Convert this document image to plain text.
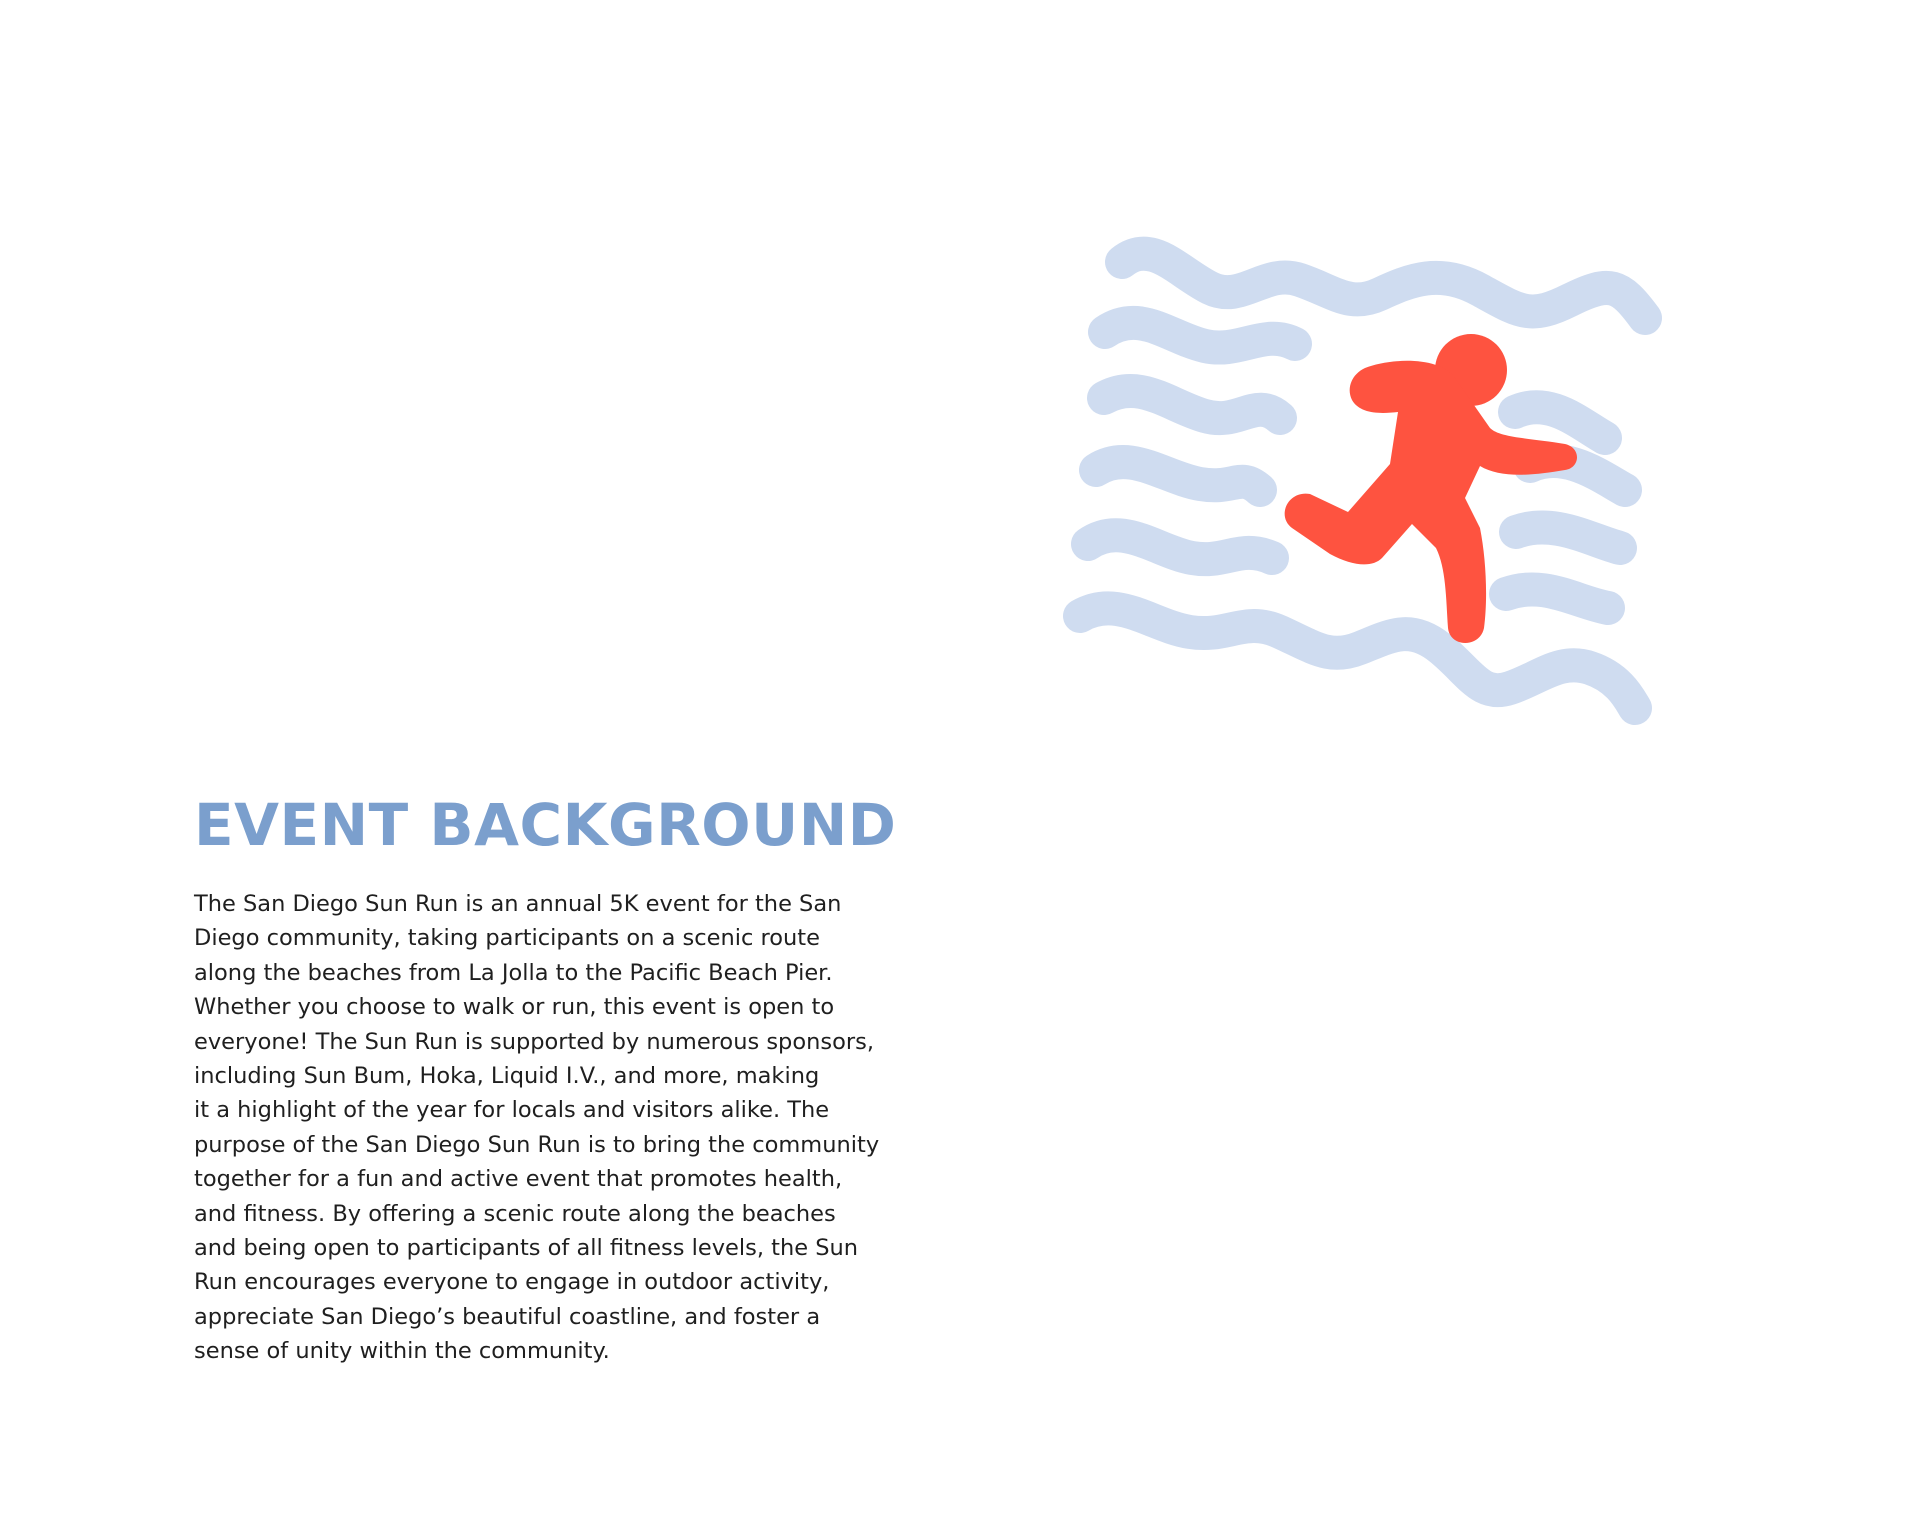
EVENT BACKGROUND
The San Diego Sun Run is an annual 5K event for the San
Diego community, taking participants on a scenic route
along the beaches from La Jolla to the Pacific Beach Pier.
Whether you choose to walk or run, this event is open to
everyone! The Sun Run is supported by numerous sponsors,
including Sun Bum, Hoka, Liquid I.V., and more, making
it a highlight of the year for locals and visitors alike. The
purpose of the San Diego Sun Run is to bring the community
together for a fun and active event that promotes health,
and fitness. By offering a scenic route along the beaches
and being open to participants of all fitness levels, the Sun
Run encourages everyone to engage in outdoor activity,
appreciate San Diego’s beautiful coastline, and foster a
sense of unity within the community.
